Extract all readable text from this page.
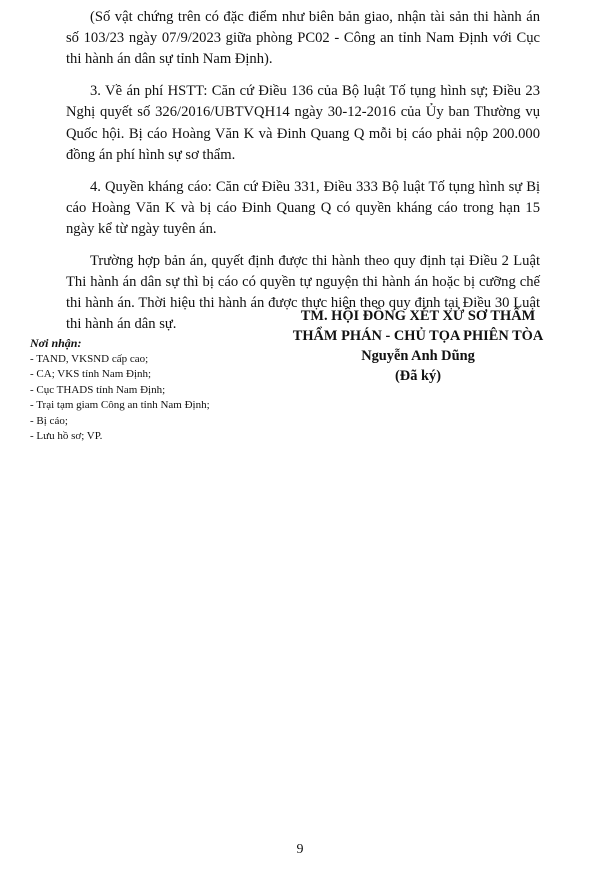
(Số vật chứng trên có đặc điểm như biên bản giao, nhận tài sản thi hành án số 103/23 ngày 07/9/2023 giữa phòng PC02 - Công an tỉnh Nam Định với Cục thi hành án dân sự tỉnh Nam Định).

3. Về án phí HSTT: Căn cứ Điều 136 của Bộ luật Tố tụng hình sự; Điều 23 Nghị quyết số 326/2016/UBTVQH14 ngày 30-12-2016 của Ủy ban Thường vụ Quốc hội. Bị cáo Hoàng Văn K và Đinh Quang Q mỗi bị cáo phải nộp 200.000 đồng án phí hình sự sơ thẩm.

4. Quyền kháng cáo: Căn cứ Điều 331, Điều 333 Bộ luật Tố tụng hình sự Bị cáo Hoàng Văn K và bị cáo Đinh Quang Q có quyền kháng cáo trong hạn 15 ngày kể từ ngày tuyên án.

Trường hợp bản án, quyết định được thi hành theo quy định tại Điều 2 Luật Thi hành án dân sự thì bị cáo có quyền tự nguyện thi hành án hoặc bị cưỡng chế thi hành án. Thời hiệu thi hành án được thực hiện theo quy định tại Điều 30 Luật thi hành án dân sự.

TM. HỘI ĐỒNG XÉT XỬ SƠ THẨM
THẨM PHÁN - CHỦ TỌA PHIÊN TÒA
Nguyễn Anh Dũng
(Đã ký)
Nơi nhận:
- TAND, VKSND cấp cao;
- CA; VKS tỉnh Nam Định;
- Cục THADS tỉnh Nam Định;
- Trại tạm giam Công an tỉnh Nam Định;
- Bị cáo;
- Lưu hồ sơ; VP.
9
